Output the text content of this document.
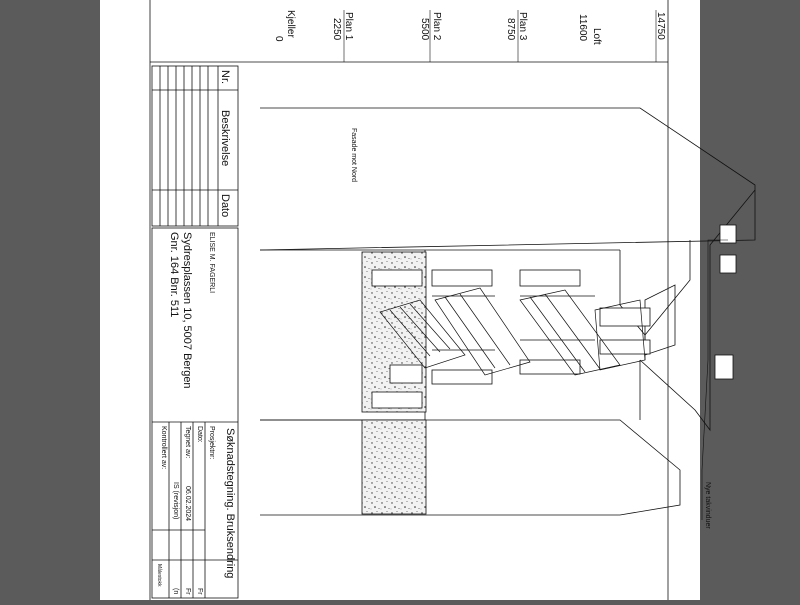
14750
Loft
11600
Plan 3
8750
Plan 2
5500
Plan 1
2250
Kjeller
0
Nr.
Beskrivelse
Dato
ELISE M. FAGERLI
Sydresplassen 10, 5007 Bergen
Gnr. 164 Bnr. 511
Søknadstegning. Bruksendring
Prosjektnr:
Dato:
06.02.2024
Tegnet av:
IS (revisjon)
Kontrollert av:
Fr
Fr
(n
Målestokk
Fasade mot Nord
Nye takvinduer
